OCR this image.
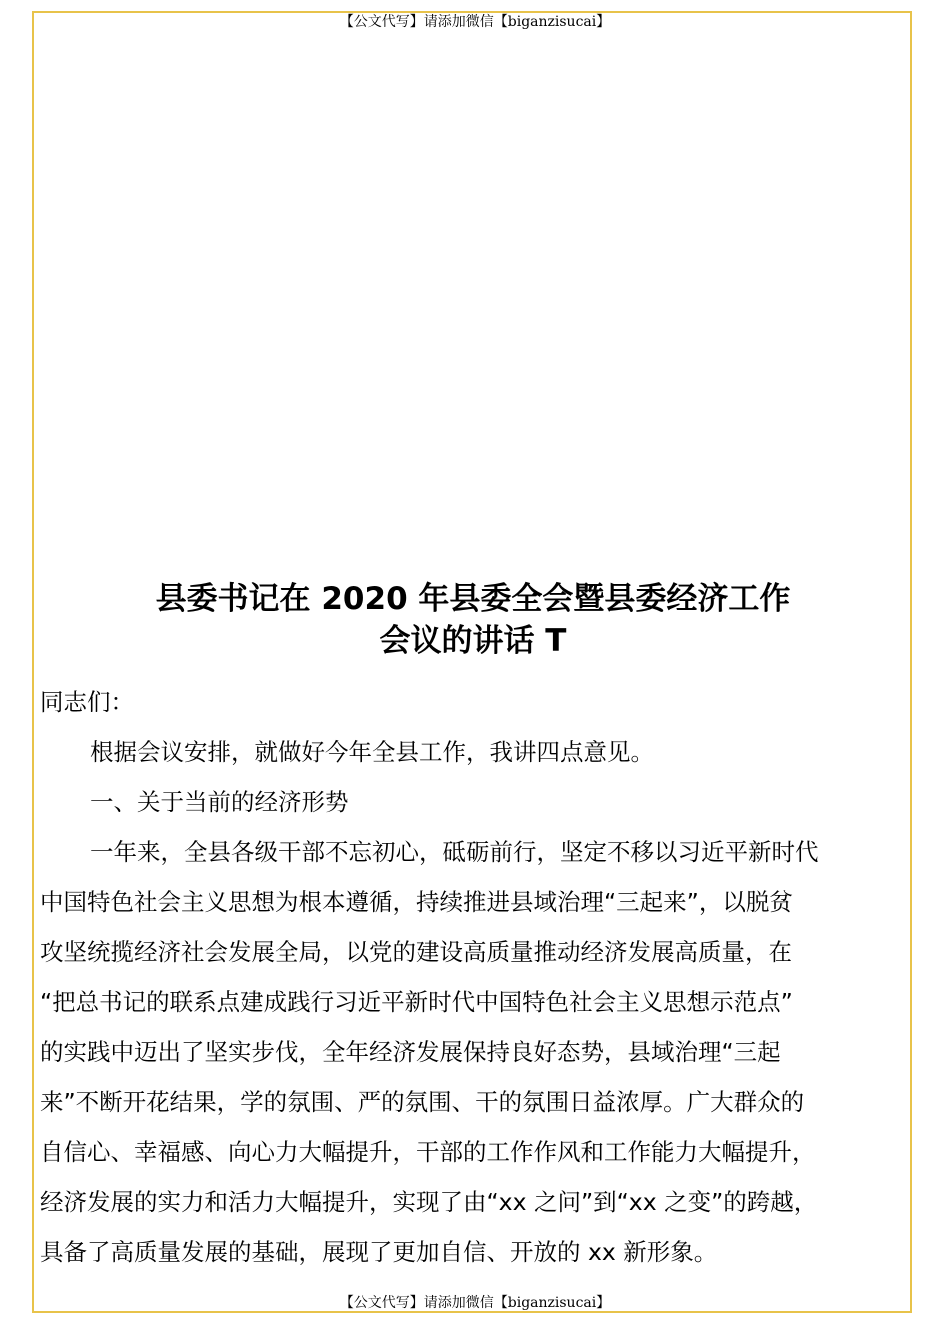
【公文代写】请添加微信【biganzisucai】
县委书记在 2020 年县委全会暨县委经济工作
会议的讲话 T

同志们：

根据会议安排，就做好今年全县工作，我讲四点意见。

一、关于当前的经济形势

一年来，全县各级干部不忘初心，砥砺前行，坚定不移以习近平新时代

中国特色社会主义思想为根本遵循，持续推进县域治理“三起来”，以脱贫

攻坚统揽经济社会发展全局，以党的建设高质量推动经济发展高质量，在

“把总书记的联系点建成践行习近平新时代中国特色社会主义思想示范点”

的实践中迈出了坚实步伐，全年经济发展保持良好态势，县域治理“三起

来”不断开花结果，学的氛围、严的氛围、干的氛围日益浓厚。广大群众的

自信心、幸福感、向心力大幅提升，干部的工作作风和工作能力大幅提升，

经济发展的实力和活力大幅提升，实现了由“xx 之问”到“xx 之变”的跨越，

具备了高质量发展的基础，展现了更加自信、开放的 xx 新形象。

【公文代写】请添加微信【biganzisucai】
